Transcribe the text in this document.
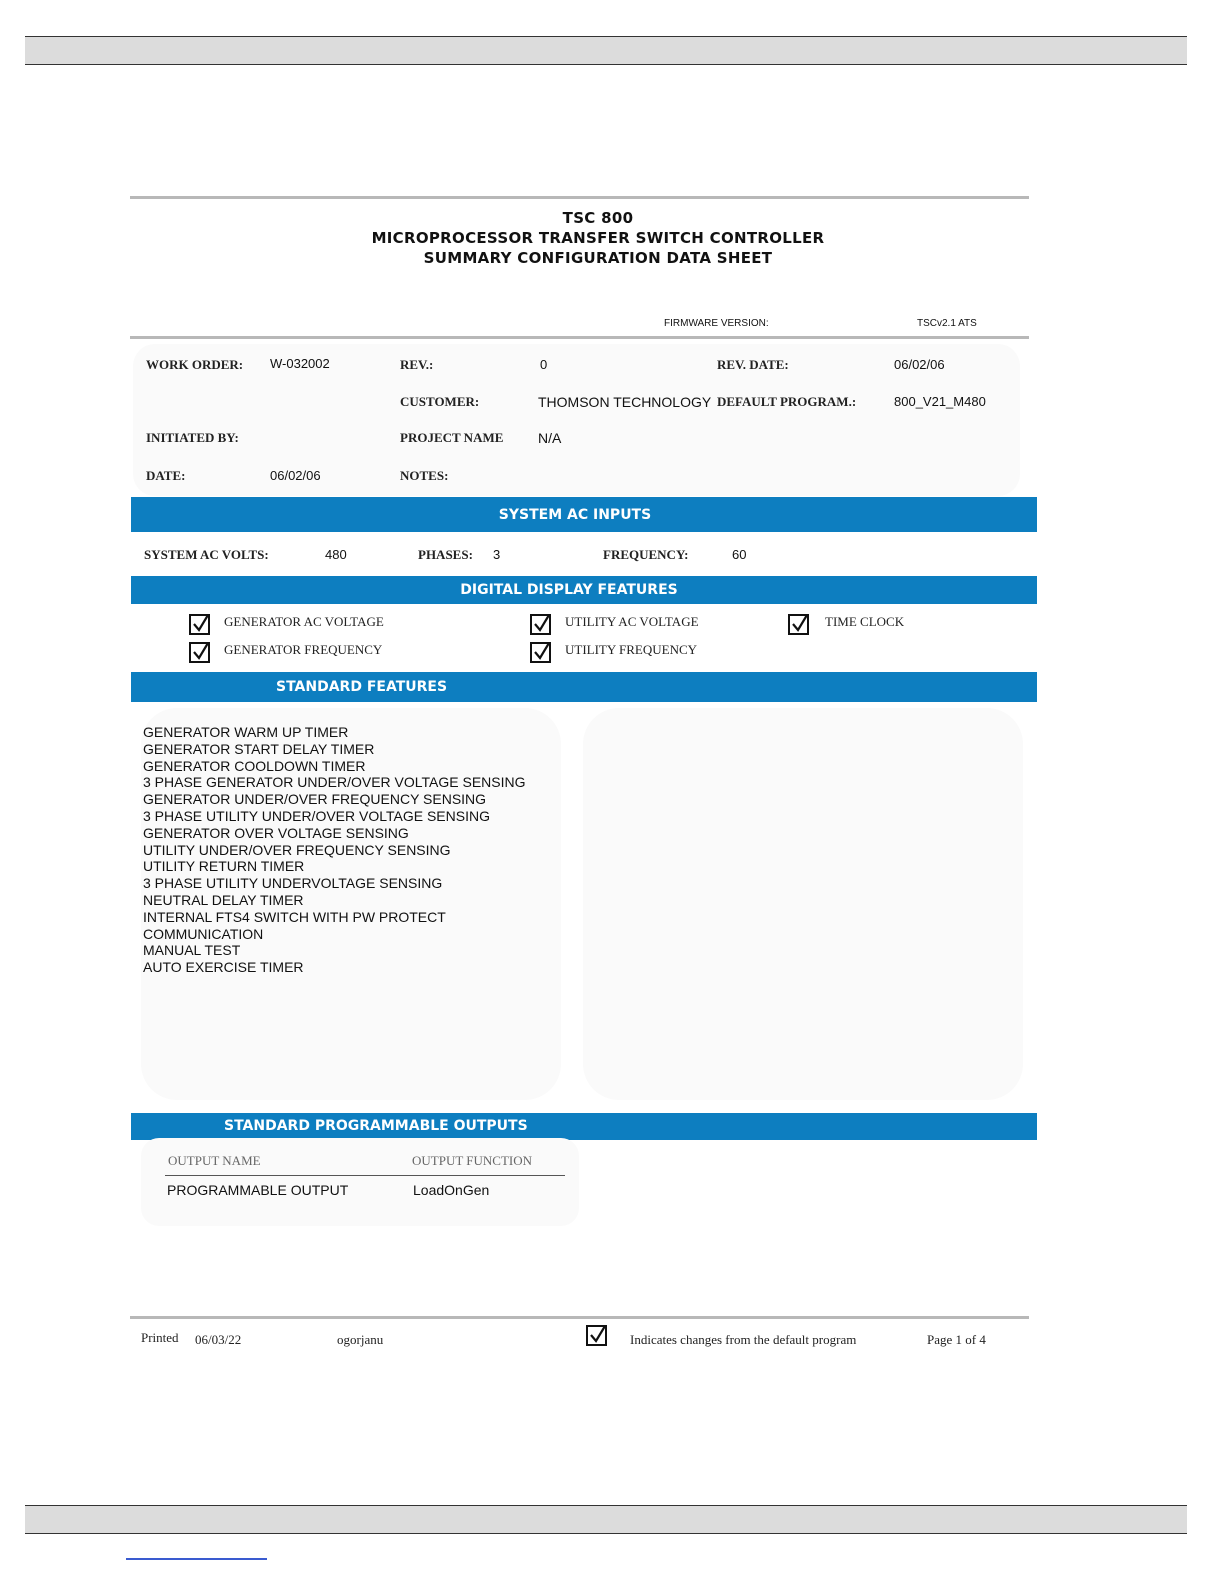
TSC 800
MICROPROCESSOR TRANSFER SWITCH CONTROLLER
SUMMARY CONFIGURATION DATA SHEET
FIRMWARE VERSION:	TSCv2.1 ATS
WORK ORDER: W-032002	REV.:	0	REV. DATE:	06/02/06
CUSTOMER:	THOMSON TECHNOLOGY DEFAULT PROGRAM.:	800_V21_M480
INITIATED BY:	PROJECT NAME N/A
DATE:	06/02/06	NOTES:
SYSTEM AC INPUTS
SYSTEM AC VOLTS:	480	PHASES: 3	FREQUENCY:	60
DIGITAL DISPLAY FEATURES
GENERATOR AC VOLTAGE	UTILITY AC VOLTAGE	TIME CLOCK
GENERATOR FREQUENCY	UTILITY FREQUENCY
STANDARD FEATURES
GENERATOR WARM UP TIMER
GENERATOR START DELAY TIMER
GENERATOR COOLDOWN TIMER
3 PHASE GENERATOR UNDER/OVER VOLTAGE SENSING
GENERATOR UNDER/OVER FREQUENCY SENSING
3 PHASE UTILITY UNDER/OVER VOLTAGE SENSING
GENERATOR OVER VOLTAGE SENSING
UTILITY UNDER/OVER FREQUENCY SENSING
UTILITY RETURN TIMER
3 PHASE UTILITY UNDERVOLTAGE SENSING
NEUTRAL DELAY TIMER
INTERNAL FTS4 SWITCH WITH PW PROTECT
COMMUNICATION
MANUAL TEST
AUTO EXERCISE TIMER
STANDARD PROGRAMMABLE OUTPUTS
OUTPUT NAME	OUTPUT FUNCTION
PROGRAMMABLE OUTPUT	LoadOnGen
Printed 06/03/22	ogorjanu	Indicates changes from the default program	Page 1 of 4
